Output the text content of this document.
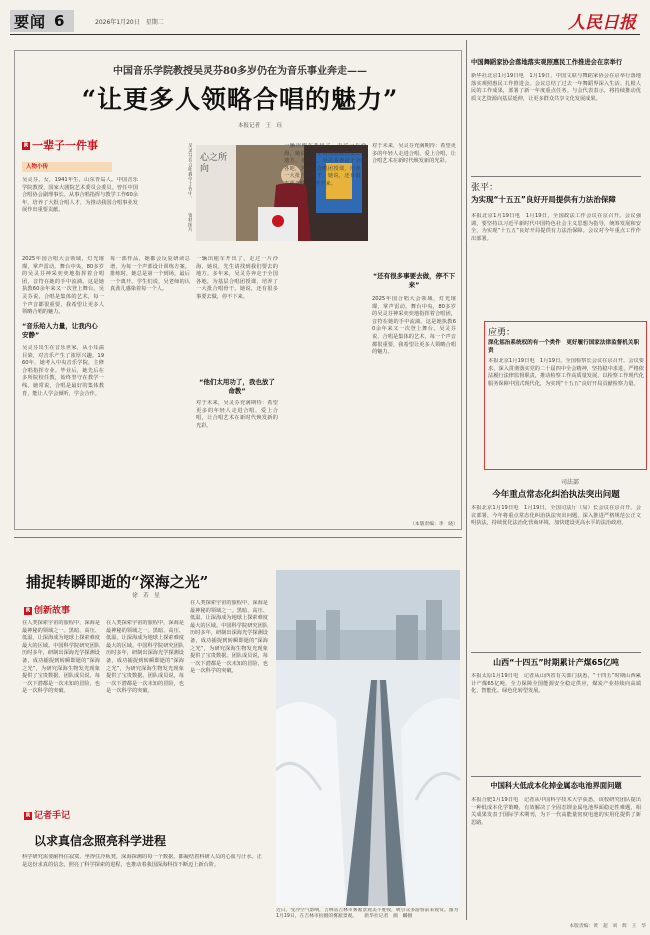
要闻 6	2026年1月20日　星期二	人民日报
中国音乐学院教授吴灵芬80多岁仍在为音乐事业奔走——
“让更多人领略合唱的魅力”
本报记者　王　珏
R 一辈子一件事
人物小传
吴灵芬，女，1941年生，山东青岛人。中国音乐学院教授、国家大剧院艺术委员会委员。曾任中国合唱协会副理事长。从事合唱指挥与教学工作60余年，培养了大批合唱人才，为推动我国合唱事业发展作出重要贡献。
心之所向
吴灵芬在合唱教学工作中。　　　资料图片
2025年国合唱大会领域，灯光璀璨，掌声雷动。舞台中央，80多岁的吴灵芬神采奕奕地指挥着合唱团，音符在她的手中流淌。这是她执教60余年来又一次登上舞台。吴灵芬说，合唱是集体的艺术，每一个声音都很重要，我希望让更多人领略合唱的魅力。
“音乐给人力量，让我内心安静”
吴灵芬出生在音乐世家，从小耳濡目染，对音乐产生了浓厚兴趣。1960年，她考入中央音乐学院，主修合唱指挥专业。毕业后，她先后在多所院校任教，始终坚守在教学一线。她常说，合唱是最好的集体教育，能让人学会倾听，学会合作。
每一部作品，她都会反复研读总谱，为每一个声部设计训练方案。排练时，她总是第一个到场，最后一个离开。学生们说，吴老师的认真劲儿感染着每一个人。
一辆出租车开出了，走过一片沙海，她说，先生请找到我们要去的地方。多年来，吴灵芬奔走于全国各地，为基层合唱团授课，培养了一大批合唱骨干。她说，还有很多事要去做，停不下来。
“他们太用功了，我也放了命教”
对于未来，吴灵芬充满期待：希望更多的年轻人走进合唱，爱上合唱，让合唱艺术在新时代焕发新的光彩。
一辆出租车开出了，走过一片沙海，她说，先生请找到我们要去的地方。多年来，吴灵芬奔走于全国各地，为基层合唱团授课，培养了一大批合唱骨干。她说，还有很多事要去做，停不下来。
对于未来，吴灵芬充满期待：希望更多的年轻人走进合唱，爱上合唱，让合唱艺术在新时代焕发新的光彩。
“还有很多事要去做，停不下来”
2025年国合唱大会领域，灯光璀璨，掌声雷动。舞台中央，80多岁的吴灵芬神采奕奕地指挥着合唱团，音符在她的手中流淌。这是她执教60余年来又一次登上舞台。吴灵芬说，合唱是集体的艺术，每一个声音都很重要，我希望让更多人领略合唱的魅力。
（本版责编：李　晓）
中国舞蹈家协会落地落实观照惠民工作推进会在京举行
新华社北京1月19日电　1月19日，中国文联与舞蹈家协会在京举行落地落实观照惠民工作推进会。会议总结了过去一年舞蹈界深入生活、扎根人民的工作成果，部署了新一年度重点任务。与会代表表示，将持续推动优质文艺资源向基层延伸，让更多群众共享文化发展成果。
张平：
为实现“十五五”良好开局提供有力法治保障
本报北京1月19日电　1月19日，全国政法工作会议在京召开。会议强调，要坚持以习近平新时代中国特色社会主义思想为指导，统筹发展和安全，为实现“十五五”良好开局提供有力法治保障。会议对今年重点工作作出部署。
应勇：
深化惩治系统权的有一个类件　更好履行国家法律监督机关职责
本报北京1月19日电　1月19日，全国检察长会议在京召开。会议要求，深入贯彻落实党的二十届四中全会精神，坚持稳中求进，严格依法履行法律监督职责，推动检察工作高质量发展，以检察工作现代化服务保障中国式现代化，为实现“十五五”良好开局贡献检察力量。
司法部
今年重点常态化纠治执法突出问题
本报北京1月19日电　1月19日，全国司法厅（局）长会议在京召开。会议部署，今年将重点常态化纠治执法突出问题，深入推进严格规范公正文明执法，持续优化法治化营商环境，加快建设更高水平的法治政府。
山西“十四五”时期累计产煤65亿吨
本报太原1月19日电　记者从山西省有关部门获悉，“十四五”时期山西累计产煤65亿吨，全力保障全国能源安全稳定供应，煤炭产业持续向高端化、智能化、绿色化转型发展。
中国科大低成本化掉金属态电池界面问题
本报合肥1月19日电　记者从中国科学技术大学获悉，该校研究团队提出一种低成本化学策略，有效解决了全固态锂金属电池界面稳定性难题，相关成果发表于国际学术期刊，为下一代高能量密度电池的实用化提供了新思路。
捕捉转瞬即逝的“深海之光”
徐　若　星
R 创新故事
在人类探索宇宙的旅程中，深海是最神秘的领域之一。黑暗、高压、低温，让深海成为地球上探索难度最大的区域。中国科学院研究团队历时多年，研制出深海光学探测设备，成功捕捉到转瞬即逝的“深海之光”，为研究深海生物发光现象提供了宝贵数据。团队成员说，每一次下潜都是一次未知的冒险，也是一次科学的突破。
在人类探索宇宙的旅程中，深海是最神秘的领域之一。黑暗、高压、低温，让深海成为地球上探索难度最大的区域。中国科学院研究团队历时多年，研制出深海光学探测设备，成功捕捉到转瞬即逝的“深海之光”，为研究深海生物发光现象提供了宝贵数据。团队成员说，每一次下潜都是一次未知的冒险，也是一次科学的突破。
在人类探索宇宙的旅程中，深海是最神秘的领域之一。黑暗、高压、低温，让深海成为地球上探索难度最大的区域。中国科学院研究团队历时多年，研制出深海光学探测设备，成功捕捉到转瞬即逝的“深海之光”，为研究深海生物发光现象提供了宝贵数据。团队成员说，每一次下潜都是一次未知的冒险，也是一次科学的突破。
R 记者手记
以求真信念照亮科学进程
科学研究需要耐得住寂寞、坐得住冷板凳。深海探测的每一个数据，都凝结着科研人员的心血与汗水。正是这份求真的信念，照亮了科学探索的进程，也推动着我国深海科技不断迈上新台阶。
近日，受冷空气影响，吉林省吉林市雾凇景观美不胜收，吸引众多游客前来观赏。图为1月19日，在吉林市拍摄的雾凇景观。　　新华社记者　颜　麟摄
本版责编：黄　超　刘　辉　王　华
